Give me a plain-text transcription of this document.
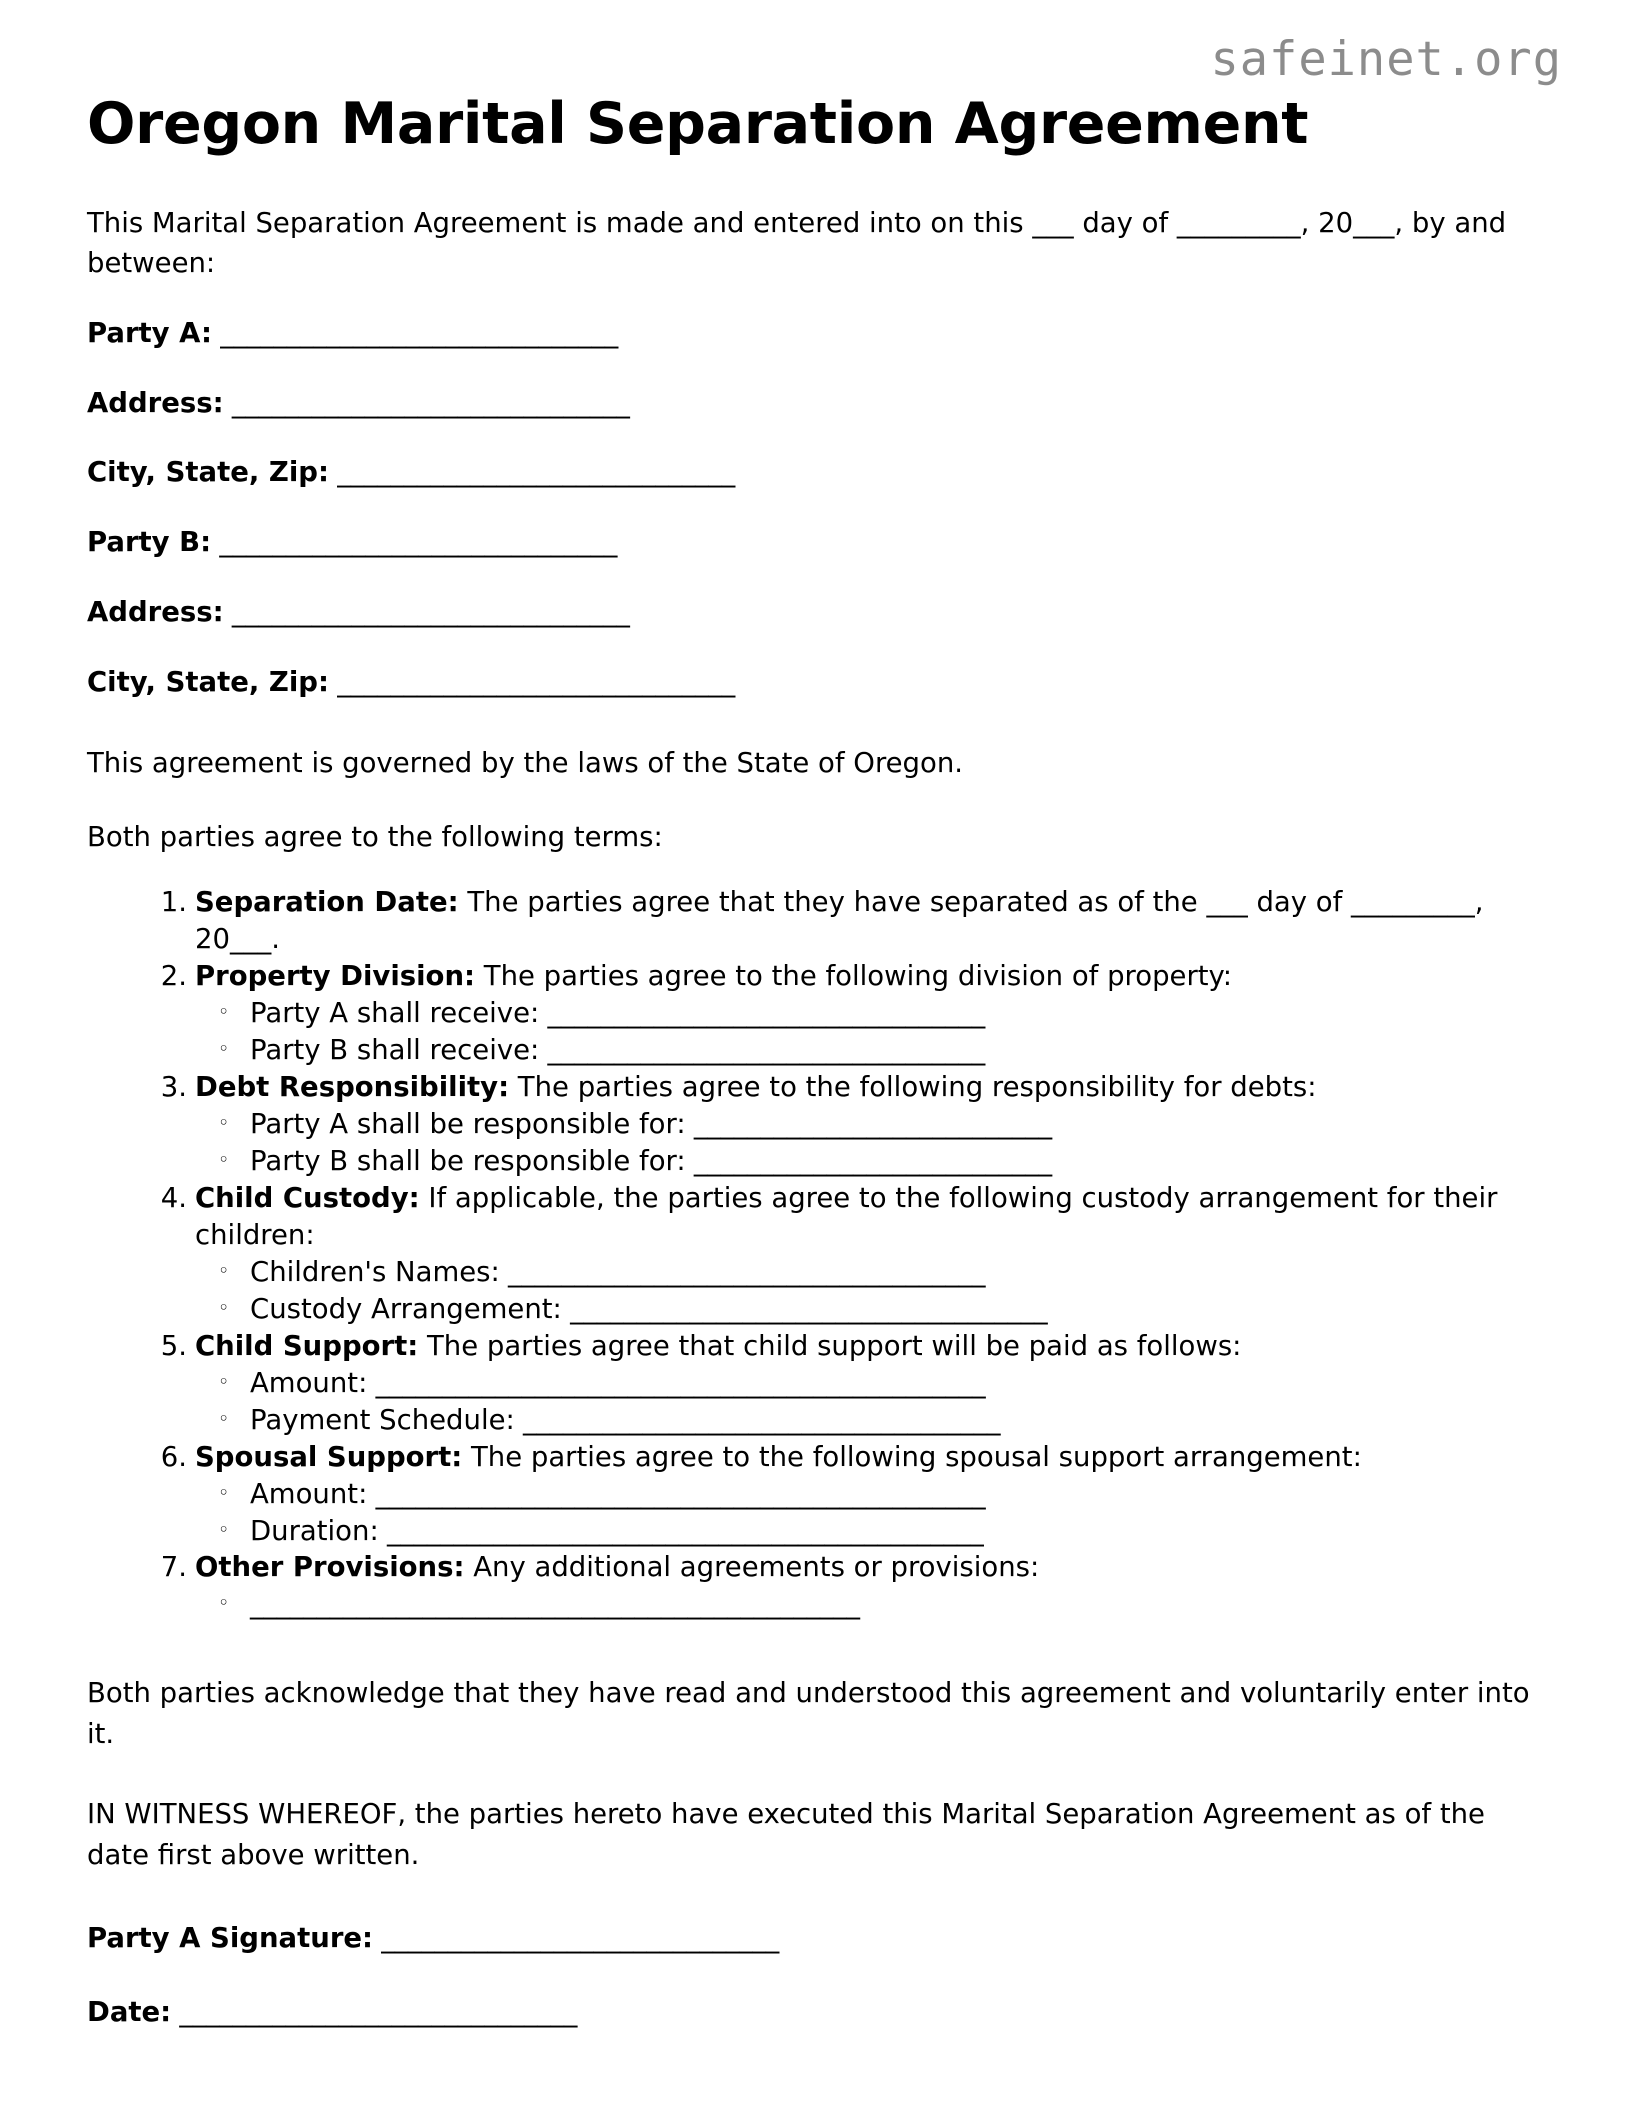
safeinet.org
Oregon Marital Separation Agreement

This Marital Separation Agreement is made and entered into on this ___ day of _________, 20___, by and between:

Party A: ______________________________

Address: ______________________________

City, State, Zip: ______________________________

Party B: ______________________________

Address: ______________________________

City, State, Zip: ______________________________

This agreement is governed by the laws of the State of Oregon.

Both parties agree to the following terms:

1. Separation Date: The parties agree that they have separated as of the ___ day of _________, 20___.
2. Property Division: The parties agree to the following division of property:
◦ Party A shall receive: _________________________________
◦ Party B shall receive: _________________________________
3. Debt Responsibility: The parties agree to the following responsibility for debts:
◦ Party A shall be responsible for: ___________________________
◦ Party B shall be responsible for: ___________________________
4. Child Custody: If applicable, the parties agree to the following custody arrangement for their children:
◦ Children's Names: ____________________________________
◦ Custody Arrangement: ____________________________________
5. Child Support: The parties agree that child support will be paid as follows:
◦ Amount: ______________________________________________
◦ Payment Schedule: ____________________________________
6. Spousal Support: The parties agree to the following spousal support arrangement:
◦ Amount: ______________________________________________
◦ Duration: _____________________________________________
7. Other Provisions: Any additional agreements or provisions:
◦ ______________________________________________

Both parties acknowledge that they have read and understood this agreement and voluntarily enter into it.

IN WITNESS WHEREOF, the parties hereto have executed this Marital Separation Agreement as of the date first above written.

Party A Signature: ______________________________

Date: ______________________________
